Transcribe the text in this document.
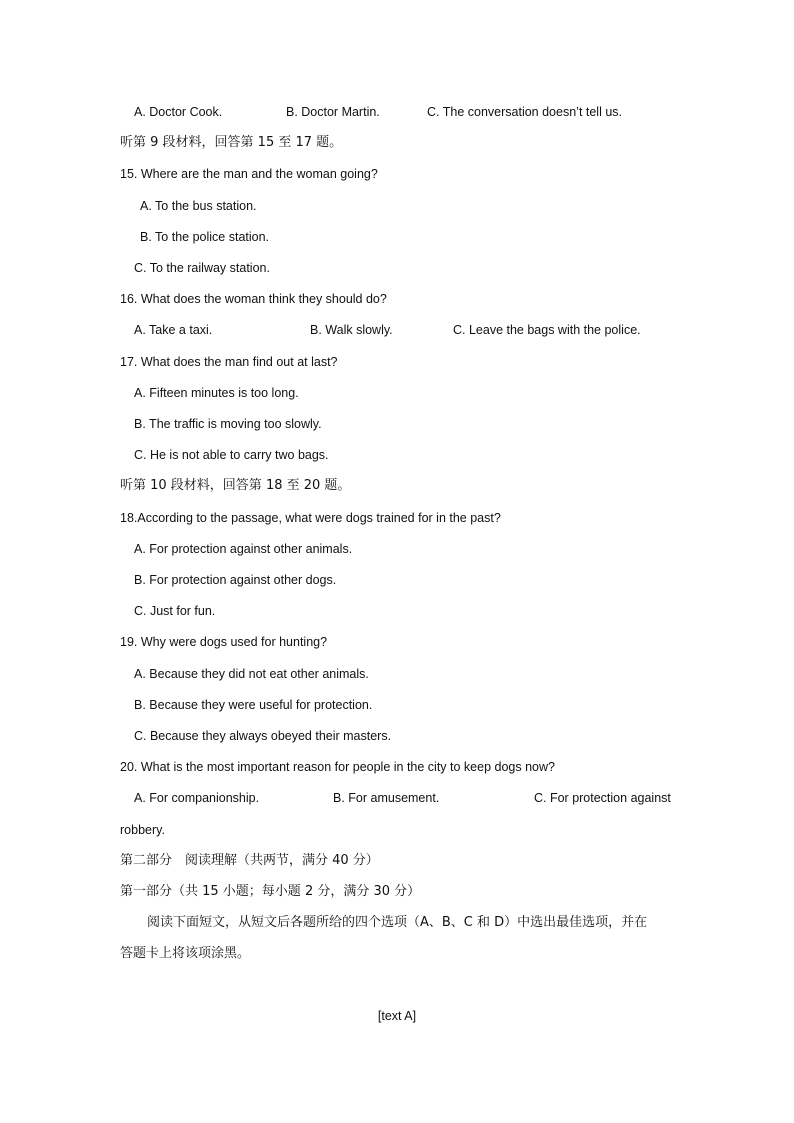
A. Doctor Cook.	B. Doctor Martin.	C. The conversation doesn’t tell us.
听第 9 段材料，回答第 15 至 17 题。
15. Where are the man and the woman going?
A. To the bus station.
B. To the police station.
C. To the railway station.
16. What does the woman think they should do?
A. Take a taxi.	B. Walk slowly.	C. Leave the bags with the police.
17. What does the man find out at last?
A. Fifteen minutes is too long.
B. The traffic is moving too slowly.
C. He is not able to carry two bags.
听第 10 段材料，回答第 18 至 20 题。
18.According to the passage, what were dogs trained for in the past?
A. For protection against other animals.
B. For protection against other dogs.
C. Just for fun.
19. Why were dogs used for hunting?
A. Because they did not eat other animals.
B. Because they were useful for protection.
C. Because they always obeyed their masters.
20. What is the most important reason for people in the city to keep dogs now?
A. For companionship.	B. For amusement.	C. For protection against
robbery.
第二部分　阅读理解（共两节，满分 40 分）
第一部分（共 15 小题；每小题 2 分，满分 30 分）
阅读下面短文，从短文后各题所给的四个选项（A、B、C 和 D）中选出最佳选项，并在
答题卡上将该项涂黑。
[text A]
